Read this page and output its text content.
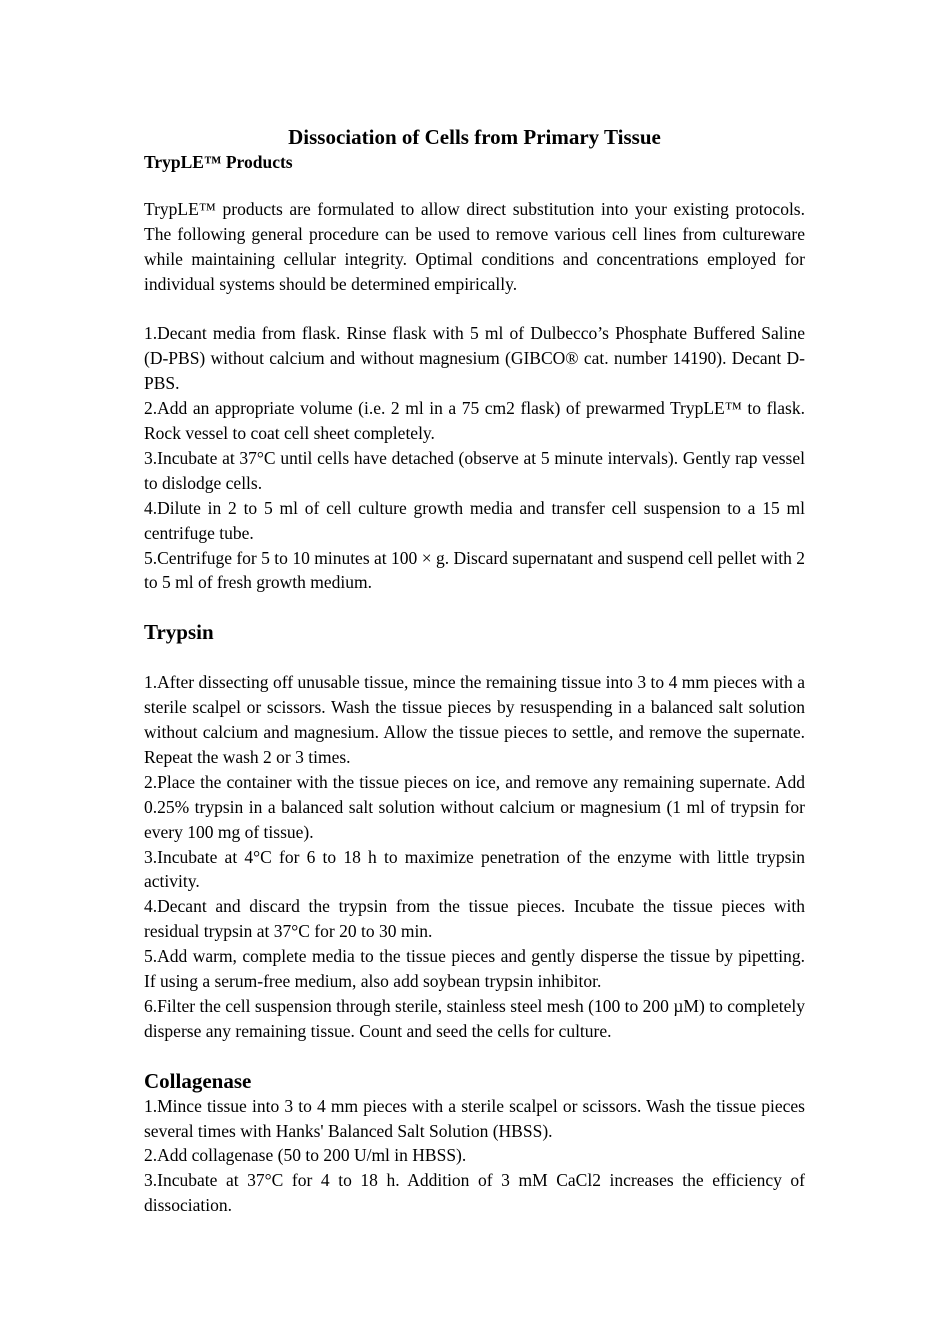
Dissociation of Cells from Primary Tissue
TrypLE™ Products

TrypLE™ products are formulated to allow direct substitution into your existing protocols. The following general procedure can be used to remove various cell lines from cultureware while maintaining cellular integrity. Optimal conditions and concentrations employed for individual systems should be determined empirically.

1.Decant media from flask. Rinse flask with 5 ml of Dulbecco’s Phosphate Buffered Saline (D-PBS) without calcium and without magnesium (GIBCO® cat. number 14190). Decant D-PBS.

2.Add an appropriate volume (i.e. 2 ml in a 75 cm2 flask) of prewarmed TrypLE™ to flask. Rock vessel to coat cell sheet completely.

3.Incubate at 37°C until cells have detached (observe at 5 minute intervals). Gently rap vessel to dislodge cells.

4.Dilute in 2 to 5 ml of cell culture growth media and transfer cell suspension to a 15 ml centrifuge tube.

5.Centrifuge for 5 to 10 minutes at 100 × g. Discard supernatant and suspend cell pellet with 2 to 5 ml of fresh growth medium.

Trypsin

1.After dissecting off unusable tissue, mince the remaining tissue into 3 to 4 mm pieces with a sterile scalpel or scissors. Wash the tissue pieces by resuspending in a balanced salt solution without calcium and magnesium. Allow the tissue pieces to settle, and remove the supernate. Repeat the wash 2 or 3 times.

2.Place the container with the tissue pieces on ice, and remove any remaining supernate. Add 0.25% trypsin in a balanced salt solution without calcium or magnesium (1 ml of trypsin for every 100 mg of tissue).

3.Incubate at 4°C for 6 to 18 h to maximize penetration of the enzyme with little trypsin activity.

4.Decant and discard the trypsin from the tissue pieces. Incubate the tissue pieces with residual trypsin at 37°C for 20 to 30 min.

5.Add warm, complete media to the tissue pieces and gently disperse the tissue by pipetting. If using a serum-free medium, also add soybean trypsin inhibitor.

6.Filter the cell suspension through sterile, stainless steel mesh (100 to 200 µM) to completely disperse any remaining tissue. Count and seed the cells for culture.

Collagenase

1.Mince tissue into 3 to 4 mm pieces with a sterile scalpel or scissors. Wash the tissue pieces several times with Hanks' Balanced Salt Solution (HBSS).

2.Add collagenase (50 to 200 U/ml in HBSS).

3.Incubate at 37°C for 4 to 18 h. Addition of 3 mM CaCl2 increases the efficiency of dissociation.
